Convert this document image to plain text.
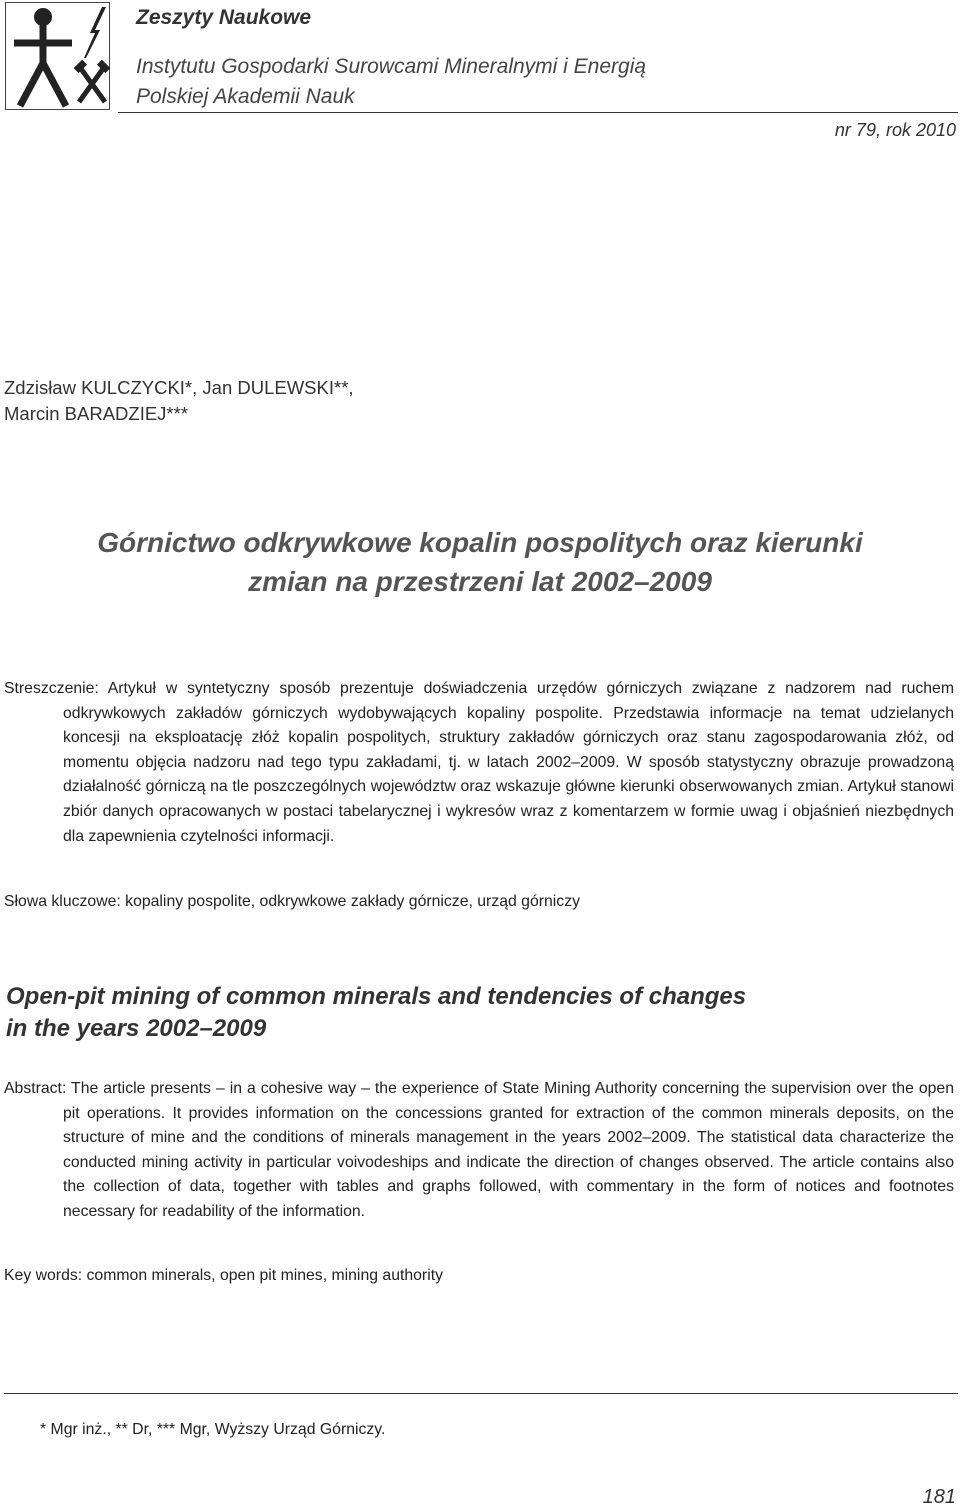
Zeszyty Naukowe
Instytutu Gospodarki Surowcami Mineralnymi i Energią
Polskiej Akademii Nauk
nr 79, rok 2010
Zdzisław KULCZYCKI*, Jan DULEWSKI**,
Marcin BARADZIEJ***
Górnictwo odkrywkowe kopalin pospolitych oraz kierunki
zmian na przestrzeni lat 2002–2009

Streszczenie: Artykuł w syntetyczny sposób prezentuje doświadczenia urzędów górniczych związane z nadzorem nad ruchem odkrywkowych zakładów górniczych wydobywających kopaliny pospolite. Przedstawia informacje na temat udzielanych koncesji na eksploatację złóż kopalin pospolitych, struktury zakładów górniczych oraz stanu zagospodarowania złóż, od momentu objęcia nadzoru nad tego typu zakładami, tj. w latach 2002–2009. W sposób statystyczny obrazuje prowadzoną działalność górniczą na tle poszczególnych województw oraz wskazuje główne kierunki obserwowanych zmian. Artykuł stanowi zbiór danych opracowanych w postaci tabelarycznej i wykresów wraz z komentarzem w formie uwag i objaśnień niezbędnych dla zapewnienia czytelności informacji.

Słowa kluczowe: kopaliny pospolite, odkrywkowe zakłady górnicze, urząd górniczy
Open-pit mining of common minerals and tendencies of changes
in the years 2002–2009

Abstract: The article presents – in a cohesive way – the experience of State Mining Authority concerning the supervision over the open pit operations. It provides information on the concessions granted for extraction of the common minerals deposits, on the structure of mine and the conditions of minerals management in the years 2002–2009. The statistical data characterize the conducted mining activity in particular voivodeships and indicate the direction of changes observed. The article contains also the collection of data, together with tables and graphs followed, with commentary in the form of notices and footnotes necessary for readability of the information.

Key words: common minerals, open pit mines, mining authority
* Mgr inż., ** Dr, *** Mgr, Wyższy Urząd Górniczy.
181
